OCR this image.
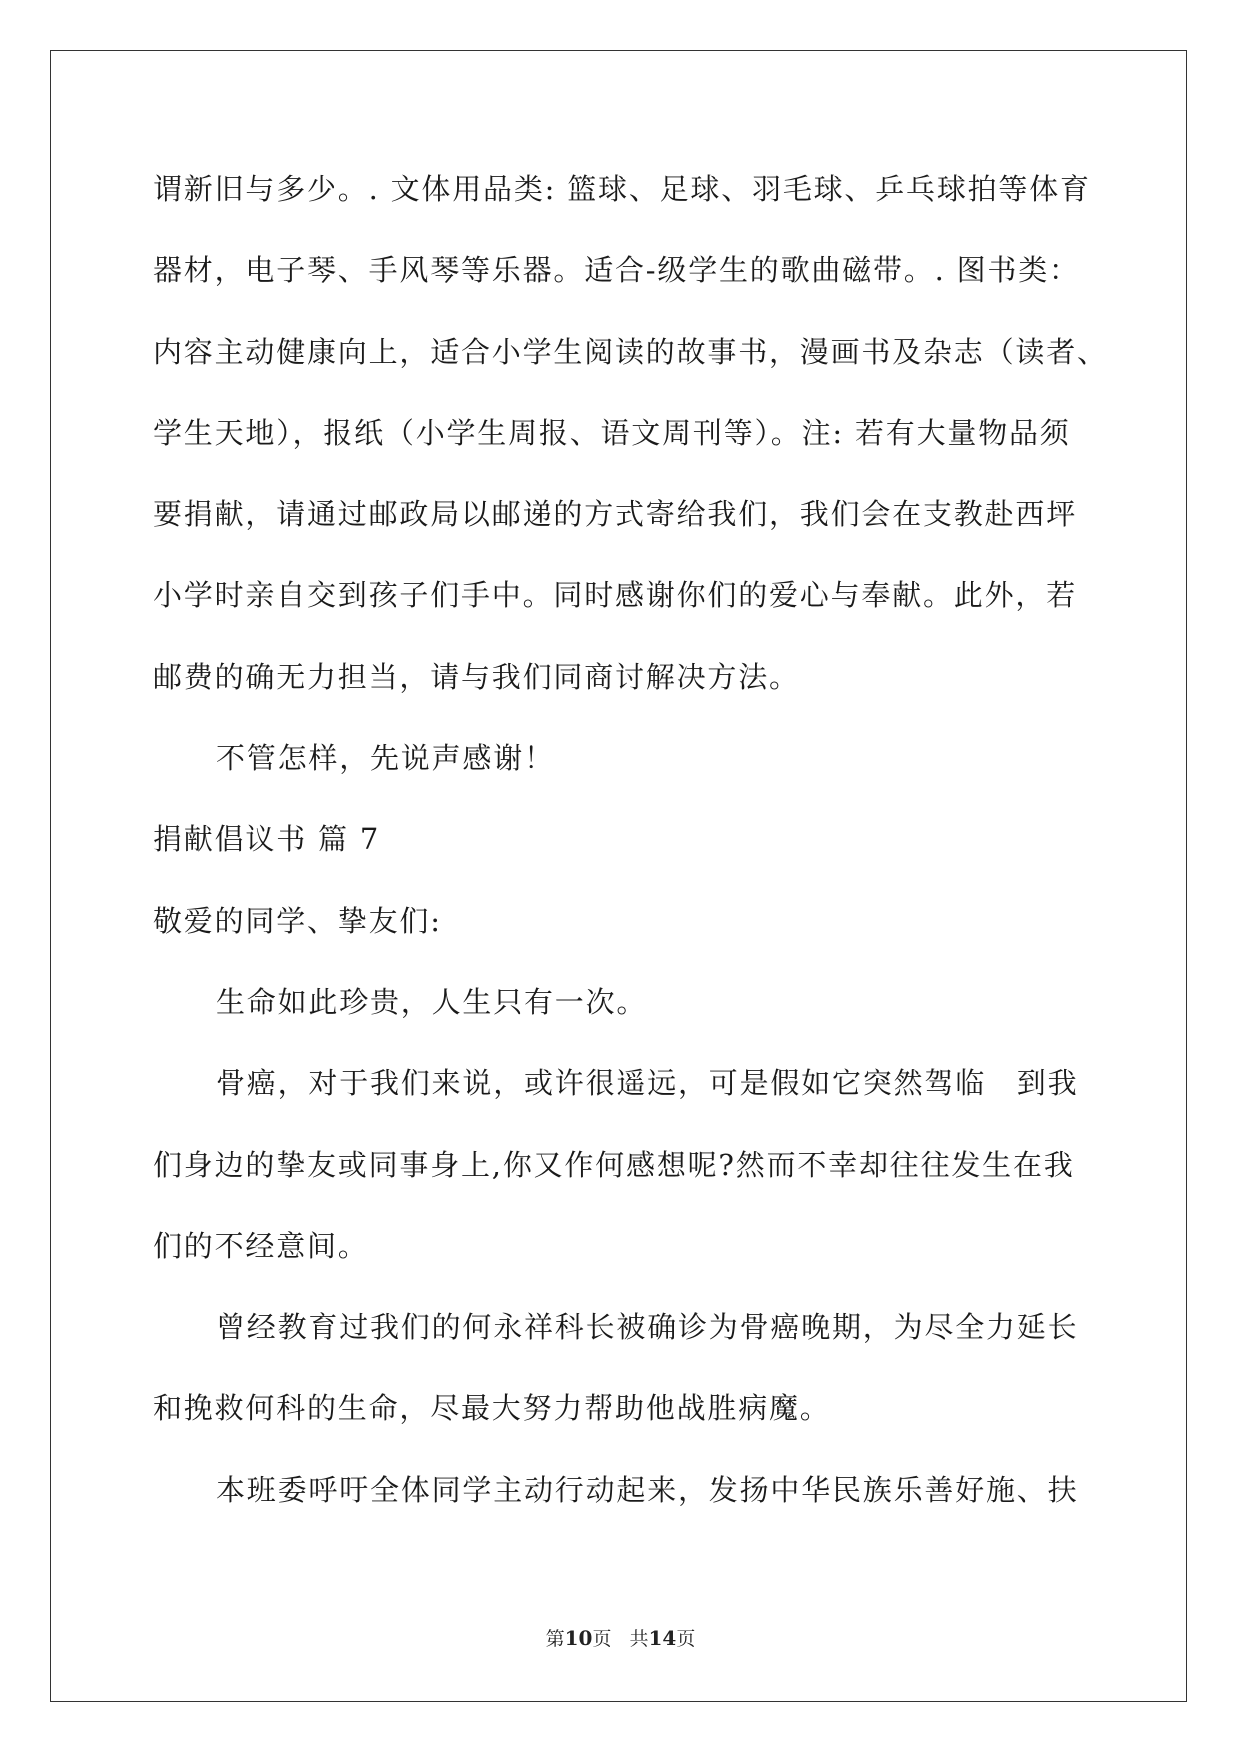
谓新旧与多少。. 文体用品类: 篮球、足球、羽毛球、乒乓球拍等体育
器材，电子琴、手风琴等乐器。适合-级学生的歌曲磁带。. 图书类：
内容主动健康向上，适合小学生阅读的故事书，漫画书及杂志（读者、
学生天地），报纸（小学生周报、语文周刊等）。注: 若有大量物品须
要捐献，请通过邮政局以邮递的方式寄给我们，我们会在支教赴西坪
小学时亲自交到孩子们手中。同时感谢你们的爱心与奉献。此外，若
邮费的确无力担当，请与我们同商讨解决方法。
不管怎样，先说声感谢！
捐献倡议书 篇 7
敬爱的同学、挚友们:
生命如此珍贵，人生只有一次。
骨癌，对于我们来说，或许很遥远，可是假如它突然驾临　到我
们身边的挚友或同事身上,你又作何感想呢?然而不幸却往往发生在我
们的不经意间。
曾经教育过我们的何永祥科长被确诊为骨癌晚期，为尽全力延长
和挽救何科的生命，尽最大努力帮助他战胜病魔。
本班委呼吁全体同学主动行动起来，发扬中华民族乐善好施、扶
第10页 共14页
